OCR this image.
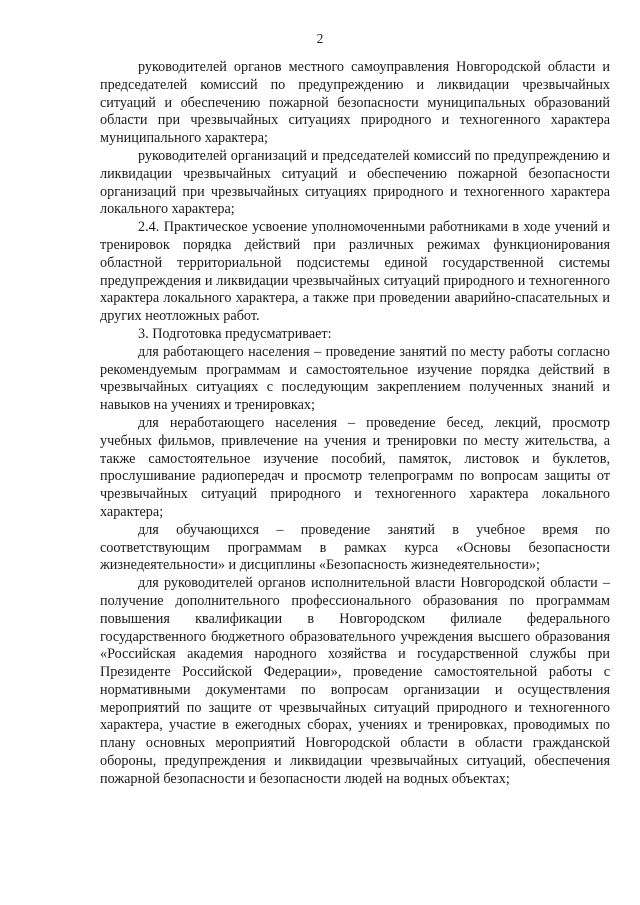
2

руководителей органов местного самоуправления Новгородской области и председателей комиссий по предупреждению и ликвидации чрезвычайных ситуаций и обеспечению пожарной безопасности муниципальных образований области при чрезвычайных ситуациях природного и техногенного характера муниципального характера;

руководителей организаций и председателей комиссий по предупреждению и ликвидации чрезвычайных ситуаций и обеспечению пожарной безопасности организаций при чрезвычайных ситуациях природного и техногенного характера локального характера;

2.4. Практическое усвоение уполномоченными работниками в ходе учений и тренировок порядка действий при различных режимах функционирования областной территориальной подсистемы единой государственной системы предупреждения и ликвидации чрезвычайных ситуаций природного и техногенного характера локального характера, а также при проведении аварийно-спасательных и других неотложных работ.

3. Подготовка предусматривает:

для работающего населения – проведение занятий по месту работы согласно рекомендуемым программам и самостоятельное изучение порядка действий в чрезвычайных ситуациях с последующим закреплением полученных знаний и навыков на учениях и тренировках;

для неработающего населения – проведение бесед, лекций, просмотр учебных фильмов, привлечение на учения и тренировки по месту жительства, а также самостоятельное изучение пособий, памяток, листовок и буклетов, прослушивание радиопередач и просмотр телепрограмм по вопросам защиты от чрезвычайных ситуаций природного и техногенного характера локального характера;

для обучающихся – проведение занятий в учебное время по соответствующим программам в рамках курса «Основы безопасности жизнедеятельности» и дисциплины «Безопасность жизнедеятельности»;

для руководителей органов исполнительной власти Новгородской области – получение дополнительного профессионального образования по программам повышения квалификации в Новгородском филиале федерального государственного бюджетного образовательного учреждения высшего образования «Российская академия народного хозяйства и государственной службы при Президенте Российской Федерации», проведение самостоятельной работы с нормативными документами по вопросам организации и осуществления мероприятий по защите от чрезвычайных ситуаций природного и техногенного характера, участие в ежегодных сборах, учениях и тренировках, проводимых по плану основных мероприятий Новгородской области в области гражданской обороны, предупреждения и ликвидации чрезвычайных ситуаций, обеспечения пожарной безопасности и безопасности людей на водных объектах;
